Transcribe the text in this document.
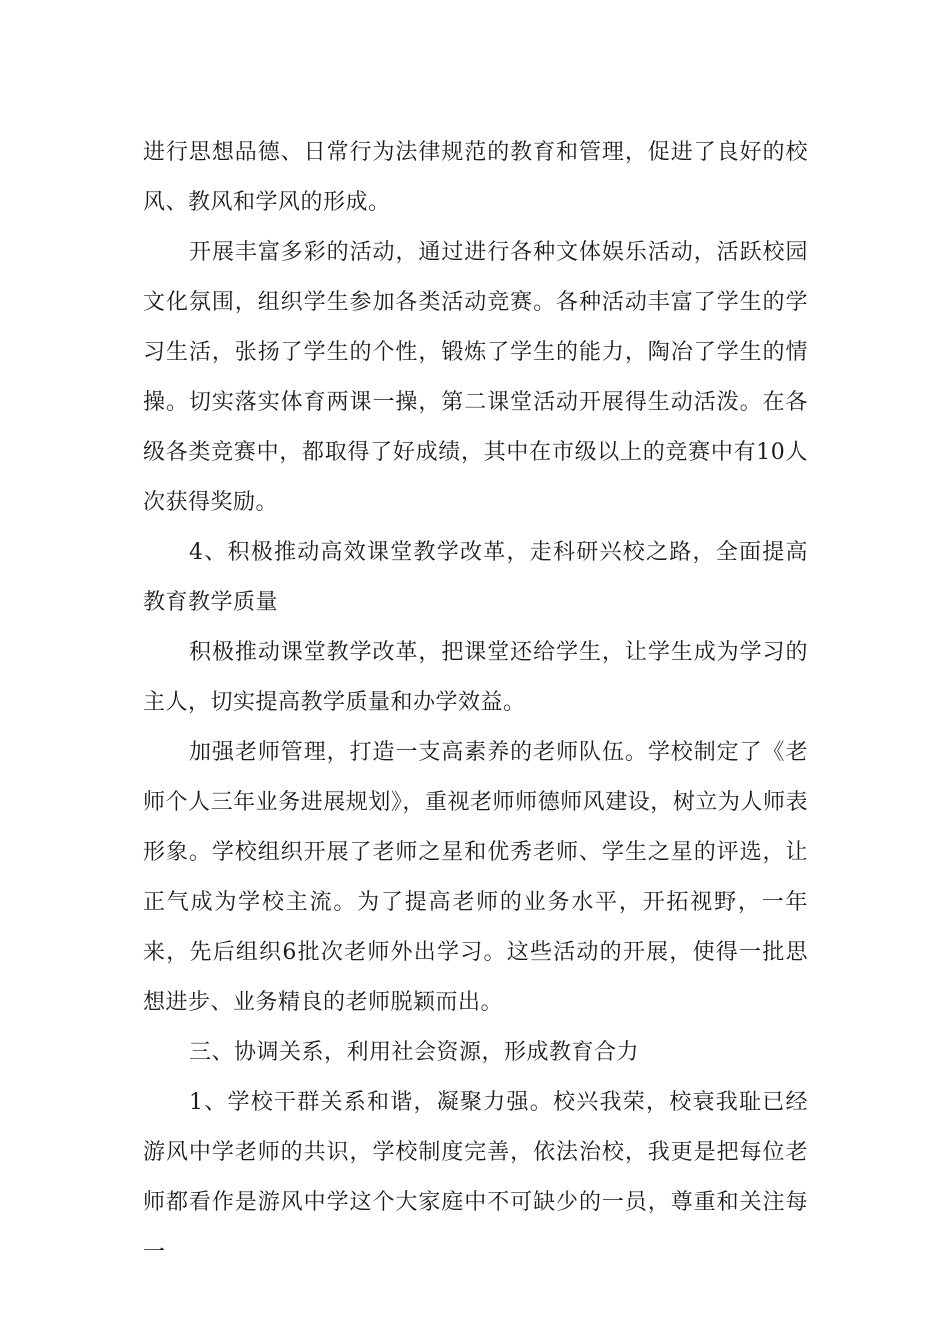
进行思想品德、日常行为法律规范的教育和管理，促进了良好的校风、教风和学风的形成。

开展丰富多彩的活动，通过进行各种文体娱乐活动，活跃校园文化氛围，组织学生参加各类活动竞赛。各种活动丰富了学生的学习生活，张扬了学生的个性，锻炼了学生的能力，陶冶了学生的情操。切实落实体育两课一操，第二课堂活动开展得生动活泼。在各级各类竞赛中，都取得了好成绩，其中在市级以上的竞赛中有10人次获得奖励。

4、积极推动高效课堂教学改革，走科研兴校之路，全面提高教育教学质量

积极推动课堂教学改革，把课堂还给学生，让学生成为学习的主人，切实提高教学质量和办学效益。

加强老师管理，打造一支高素养的老师队伍。学校制定了《老师个人三年业务进展规划》，重视老师师德师风建设，树立为人师表形象。学校组织开展了老师之星和优秀老师、学生之星的评选，让正气成为学校主流。为了提高老师的业务水平，开拓视野，一年来，先后组织6批次老师外出学习。这些活动的开展，使得一批思想进步、业务精良的老师脱颖而出。

三、协调关系，利用社会资源，形成教育合力

1、学校干群关系和谐，凝聚力强。校兴我荣，校衰我耻已经游风中学老师的共识，学校制度完善，依法治校，我更是把每位老师都看作是游风中学这个大家庭中不可缺少的一员，尊重和关注每一
